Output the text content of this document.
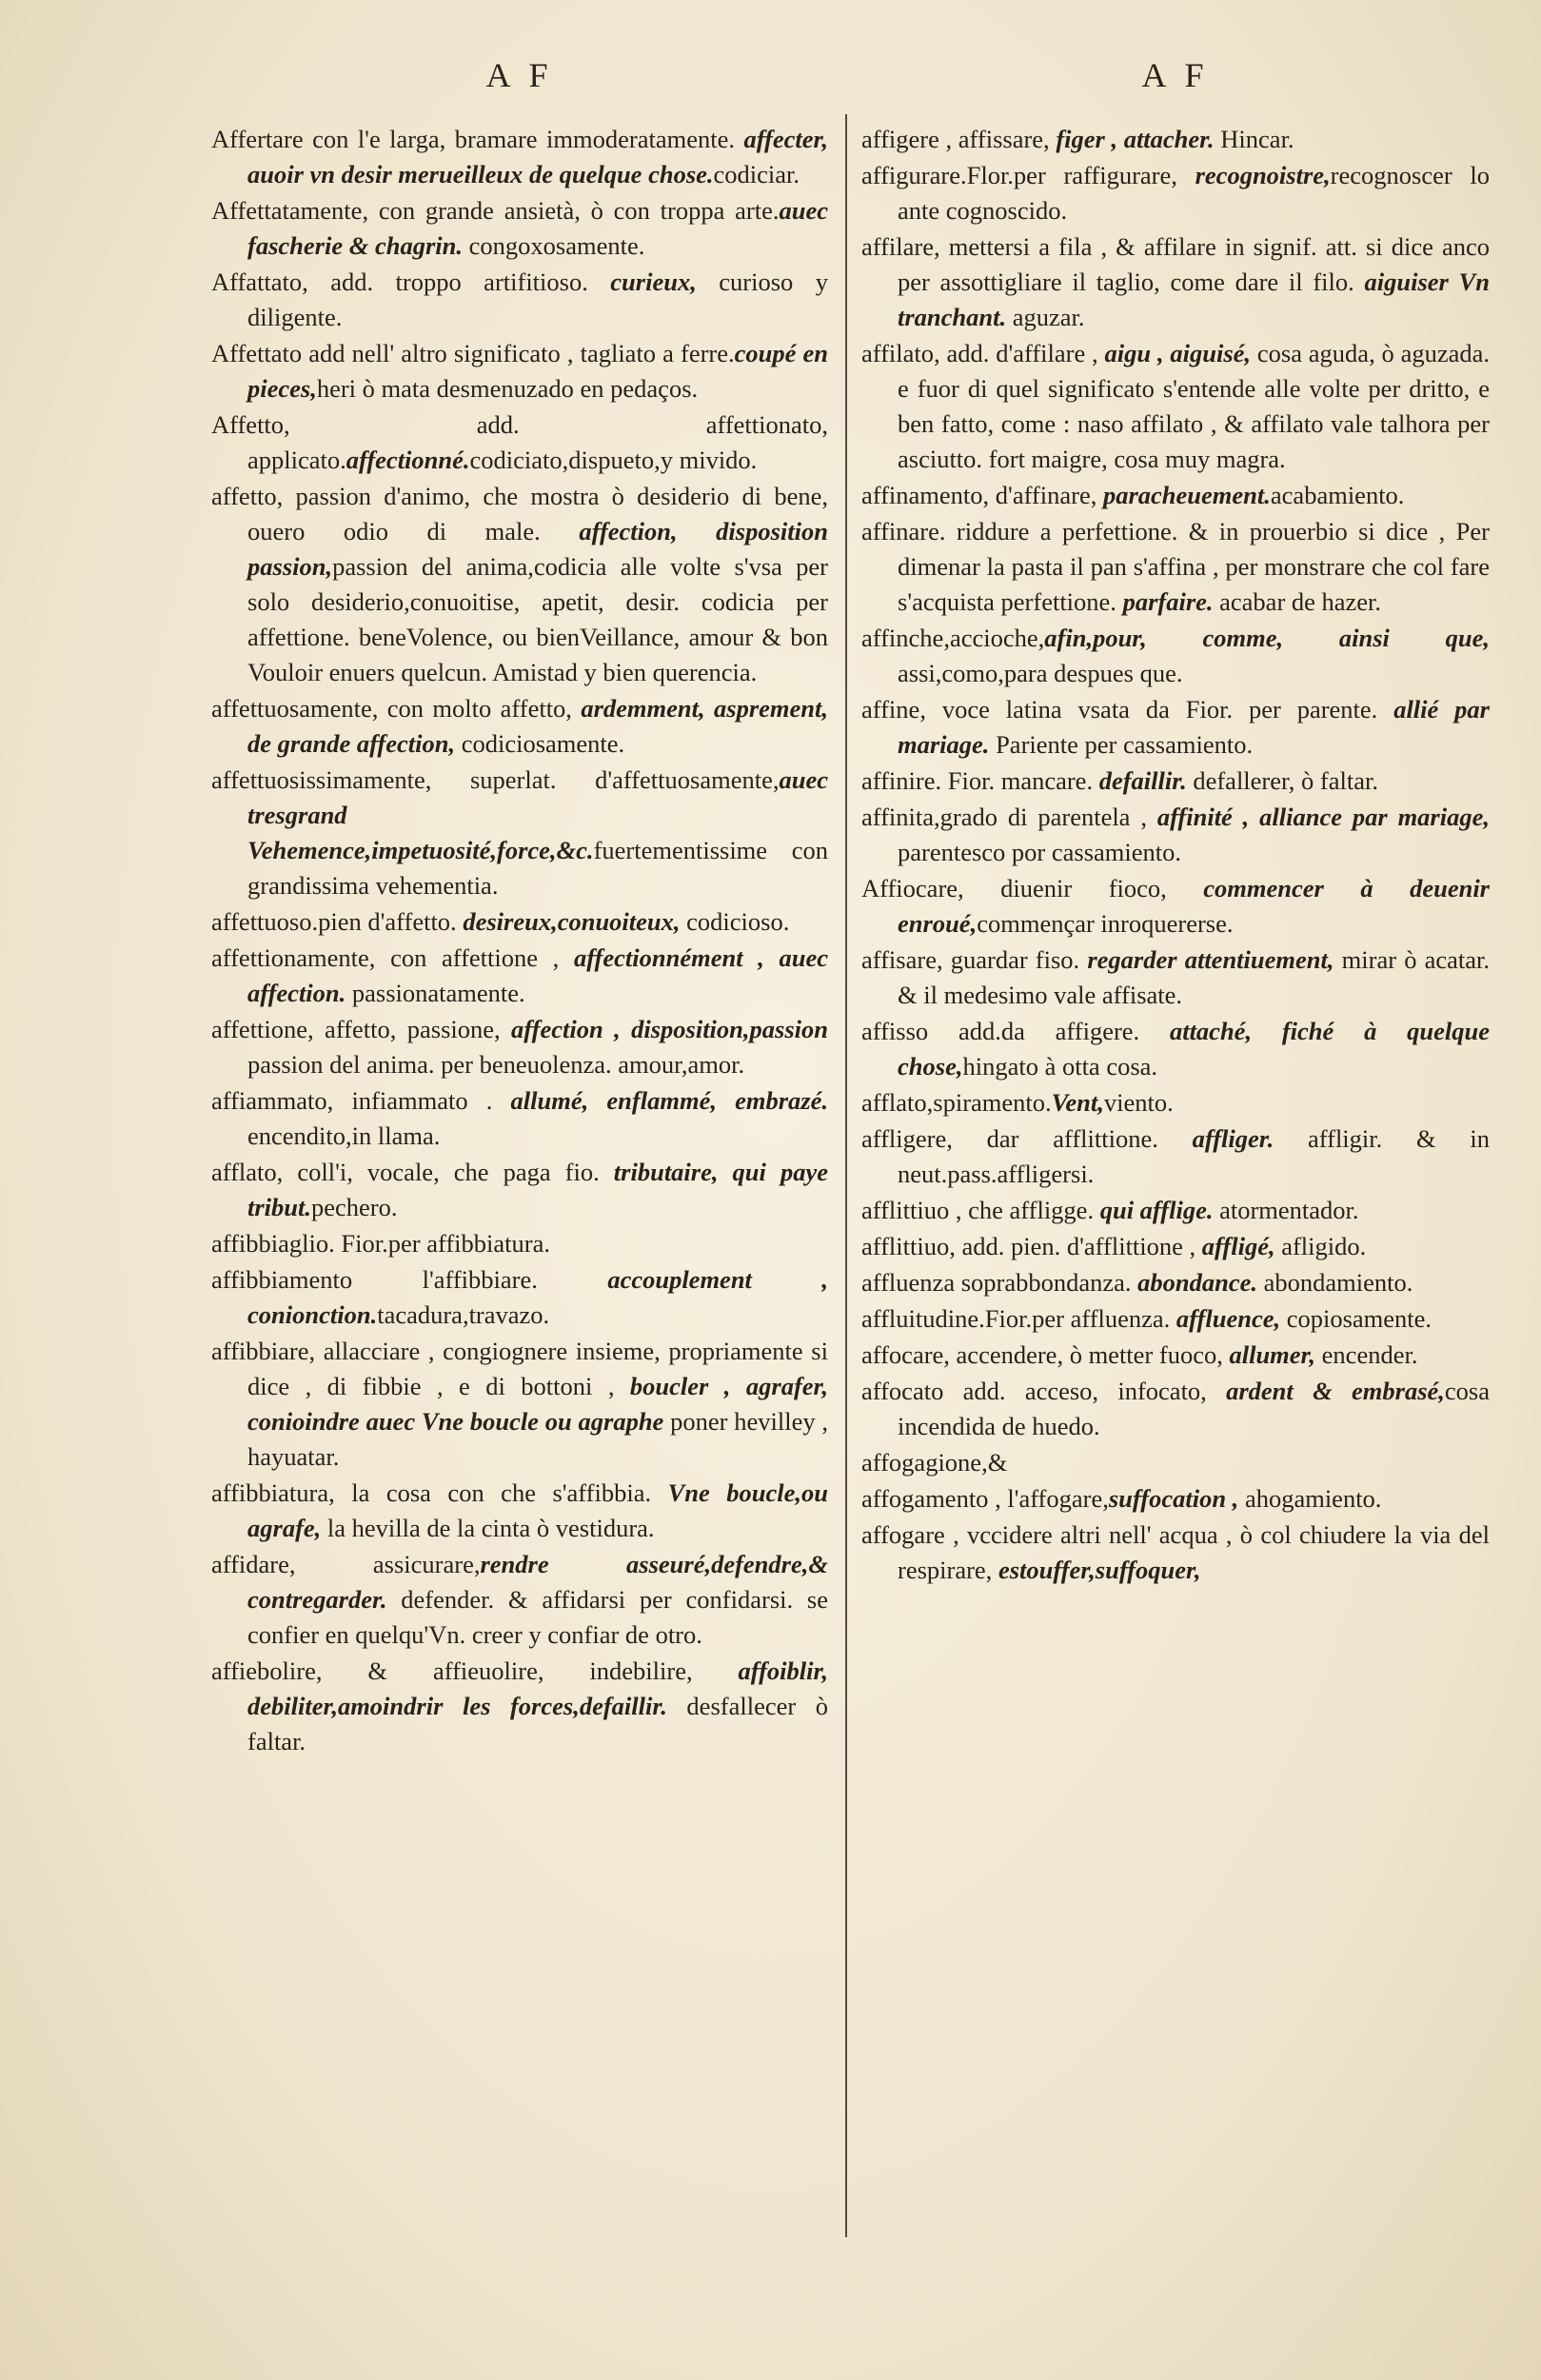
A F

Affertare con l'e larga, bramare immoderatamente. affecter, auoir vn desir merueilleux de quelque chose.codiciar.

Affettatamente, con grande ansietà, ò con troppa arte.auec fascherie & chagrin. congoxosamente.

Affattato, add. troppo artifitioso. curieux, curioso y diligente.

Affettato add nell' altro significato , tagliato a ferre.coupé en pieces,heri ò mata desmenuzado en pedaços.

Affetto, add. affettionato, applicato.affectionné.codiciato,dispueto,y mivido.

affetto, passion d'animo, che mostra ò desiderio di bene, ouero odio di male. affection, disposition passion,passion del anima,codicia alle volte s'vsa per solo desiderio,conuoitise, apetit, desir. codicia per affettione. beneVolence, ou bienVeillance, amour & bon Vouloir enuers quelcun. Amistad y bien querencia.

affettuosamente, con molto affetto, ardemment, asprement, de grande affection, codiciosamente.

affettuosissimamente, superlat. d'affettuosamente,auec tresgrand Vehemence,impetuosité,force,&c.fuertementissime con grandissima vehementia.

affettuoso.pien d'affetto. desireux,conuoiteux, codicioso.

affettionamente, con affettione , affectionnément , auec affection. passionatamente.

affettione, affetto, passione, affection , disposition,passion passion del anima. per beneuolenza. amour,amor.

affiammato, infiammato . allumé, enflammé, embrazé. encendito,in llama.

afflato, coll'i, vocale, che paga fio. tributaire, qui paye tribut.pechero.

affibbiaglio. Fior.per affibbiatura.

affibbiamento l'affibbiare. accouplement , conionction.tacadura,travazo.

affibbiare, allacciare , congiognere insieme, propriamente si dice , di fibbie , e di bottoni , boucler , agrafer, conioindre auec Vne boucle ou agraphe poner hevilley , hayuatar.

affibbiatura, la cosa con che s'affibbia. Vne boucle,ou agrafe, la hevilla de la cinta ò vestidura.

affidare, assicurare,rendre asseuré,defendre,& contregarder. defender. & affidarsi per confidarsi. se confier en quelqu'Vn. creer y confiar de otro.

affiebolire, & affieuolire, indebilire, affoiblir, debiliter,amoindrir les forces,defaillir. desfallecer ò faltar.

A F

affigere , affissare, figer , attacher. Hincar.

affigurare.Flor.per raffigurare, recognoistre,recognoscer lo ante cognoscido.

affilare, mettersi a fila , & affilare in signif. att. si dice anco per assottigliare il taglio, come dare il filo. aiguiser Vn tranchant. aguzar.

affilato, add. d'affilare , aigu , aiguisé, cosa aguda, ò aguzada. e fuor di quel significato s'entende alle volte per dritto, e ben fatto, come : naso affilato , & affilato vale talhora per asciutto. fort maigre, cosa muy magra.

affinamento, d'affinare, paracheuement.acabamiento.

affinare. riddure a perfettione. & in prouerbio si dice , Per dimenar la pasta il pan s'affina , per monstrare che col fare s'acquista perfettione. parfaire. acabar de hazer.

affinche,accioche,afin,pour, comme, ainsi que, assi,como,para despues que.

affine, voce latina vsata da Fior. per parente. allié par mariage. Pariente per cassamiento.

affinire. Fior. mancare. defaillir. defallerer, ò faltar.

affinita,grado di parentela , affinité , alliance par mariage, parentesco por cassamiento.

Affiocare, diuenir fioco, commencer à deuenir enroué,commençar inroquererse.

affisare, guardar fiso. regarder attentiuement, mirar ò acatar. & il medesimo vale affisate.

affisso add.da affigere. attaché, fiché à quelque chose,hingato à otta cosa.

afflato,spiramento.Vent,viento.

affligere, dar afflittione. affliger. affligir. & in neut.pass.affligersi.

afflittiuo , che affligge. qui afflige. atormentador.

afflittiuo, add. pien. d'afflittione , affligé, afligido.

affluenza soprabbondanza. abondance. abondamiento.

affluitudine.Fior.per affluenza. affluence, copiosamente.

affocare, accendere, ò metter fuoco, allumer, encender.

affocato add. acceso, infocato, ardent & embrasé,cosa incendida de huedo.

affogagione,&

affogamento , l'affogare,suffocation , ahogamiento.

affogare , vccidere altri nell' acqua , ò col chiudere la via del respirare, estouffer,suffoquer,
